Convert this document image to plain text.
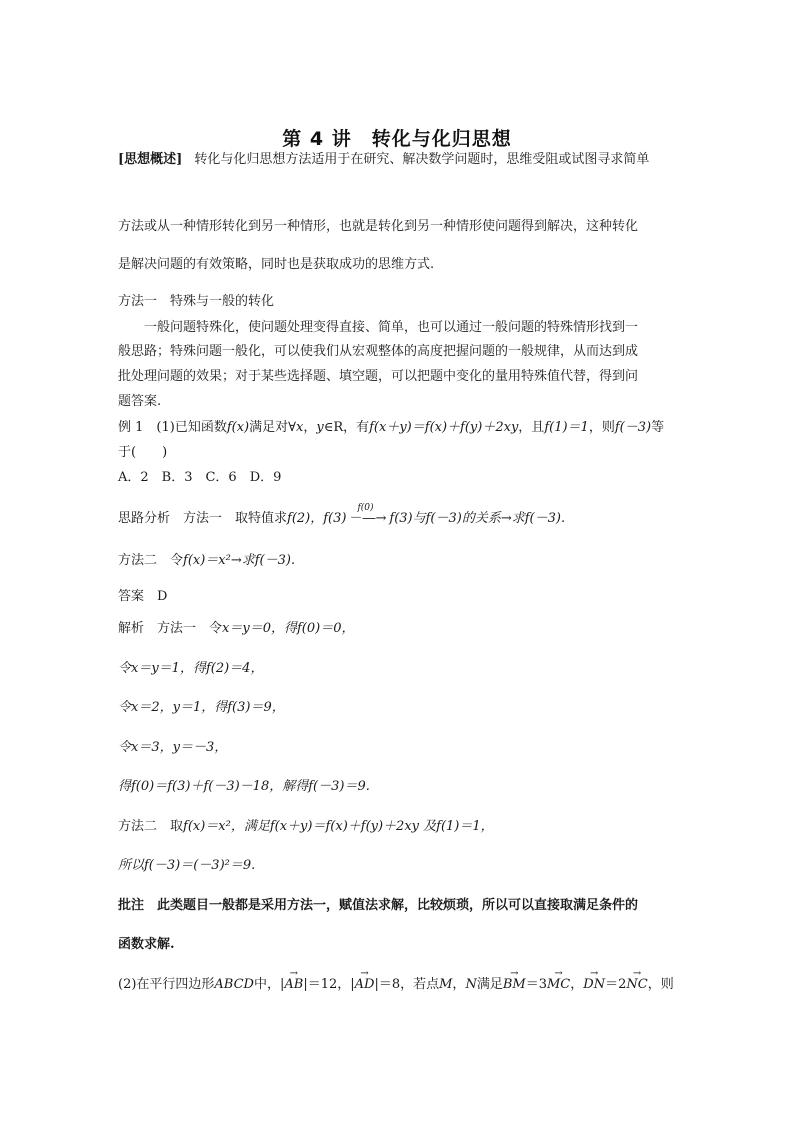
第 4 讲　转化与化归思想
[思想概述] 转化与化归思想方法适用于在研究、解决数学问题时，思维受阻或试图寻求简单
方法或从一种情形转化到另一种情形，也就是转化到另一种情形使问题得到解决，这种转化
是解决问题的有效策略，同时也是获取成功的思维方式.
方法一　特殊与一般的转化
一般问题特殊化，使问题处理变得直接、简单，也可以通过一般问题的特殊情形找到一
般思路；特殊问题一般化，可以使我们从宏观整体的高度把握问题的一般规律，从而达到成
批处理问题的效果；对于某些选择题、填空题，可以把题中变化的量用特殊值代替，得到问
题答案.
例 1　(1)已知函数f(x)满足对∀x，y∈R，有f(x＋y)＝f(x)＋f(y)＋2xy，且f(1)＝1，则f(－3)等
于(　　)
A．2　B．3　C．6　D．9
思路分析　方法一　取特值求f(2)，f(3) －
f(0)
―→ f(3)与f(－3)的关系→求f(－3).
方法二　令f(x)＝x²→求f(－3).
答案　D
解析　方法一　令x＝y＝0，得f(0)＝0，
令x＝y＝1，得f(2)＝4，
令x＝2，y＝1，得f(3)＝9，
令x＝3，y＝－3，
得f(0)＝f(3)＋f(－3)－18，解得f(－3)＝9.
方法二　取f(x)＝x²，满足f(x＋y)＝f(x)＋f(y)＋2xy 及f(1)＝1，
所以f(－3)＝(－3)²＝9.
批注　此类题目一般都是采用方法一，赋值法求解，比较烦琐，所以可以直接取满足条件的
函数求解.
(2)在平行四边形ABCD中，|→ AB|＝12，|→ AD|＝8，若点M，N满足→ BM＝3→ MC，→ DN＝2→ NC，则
